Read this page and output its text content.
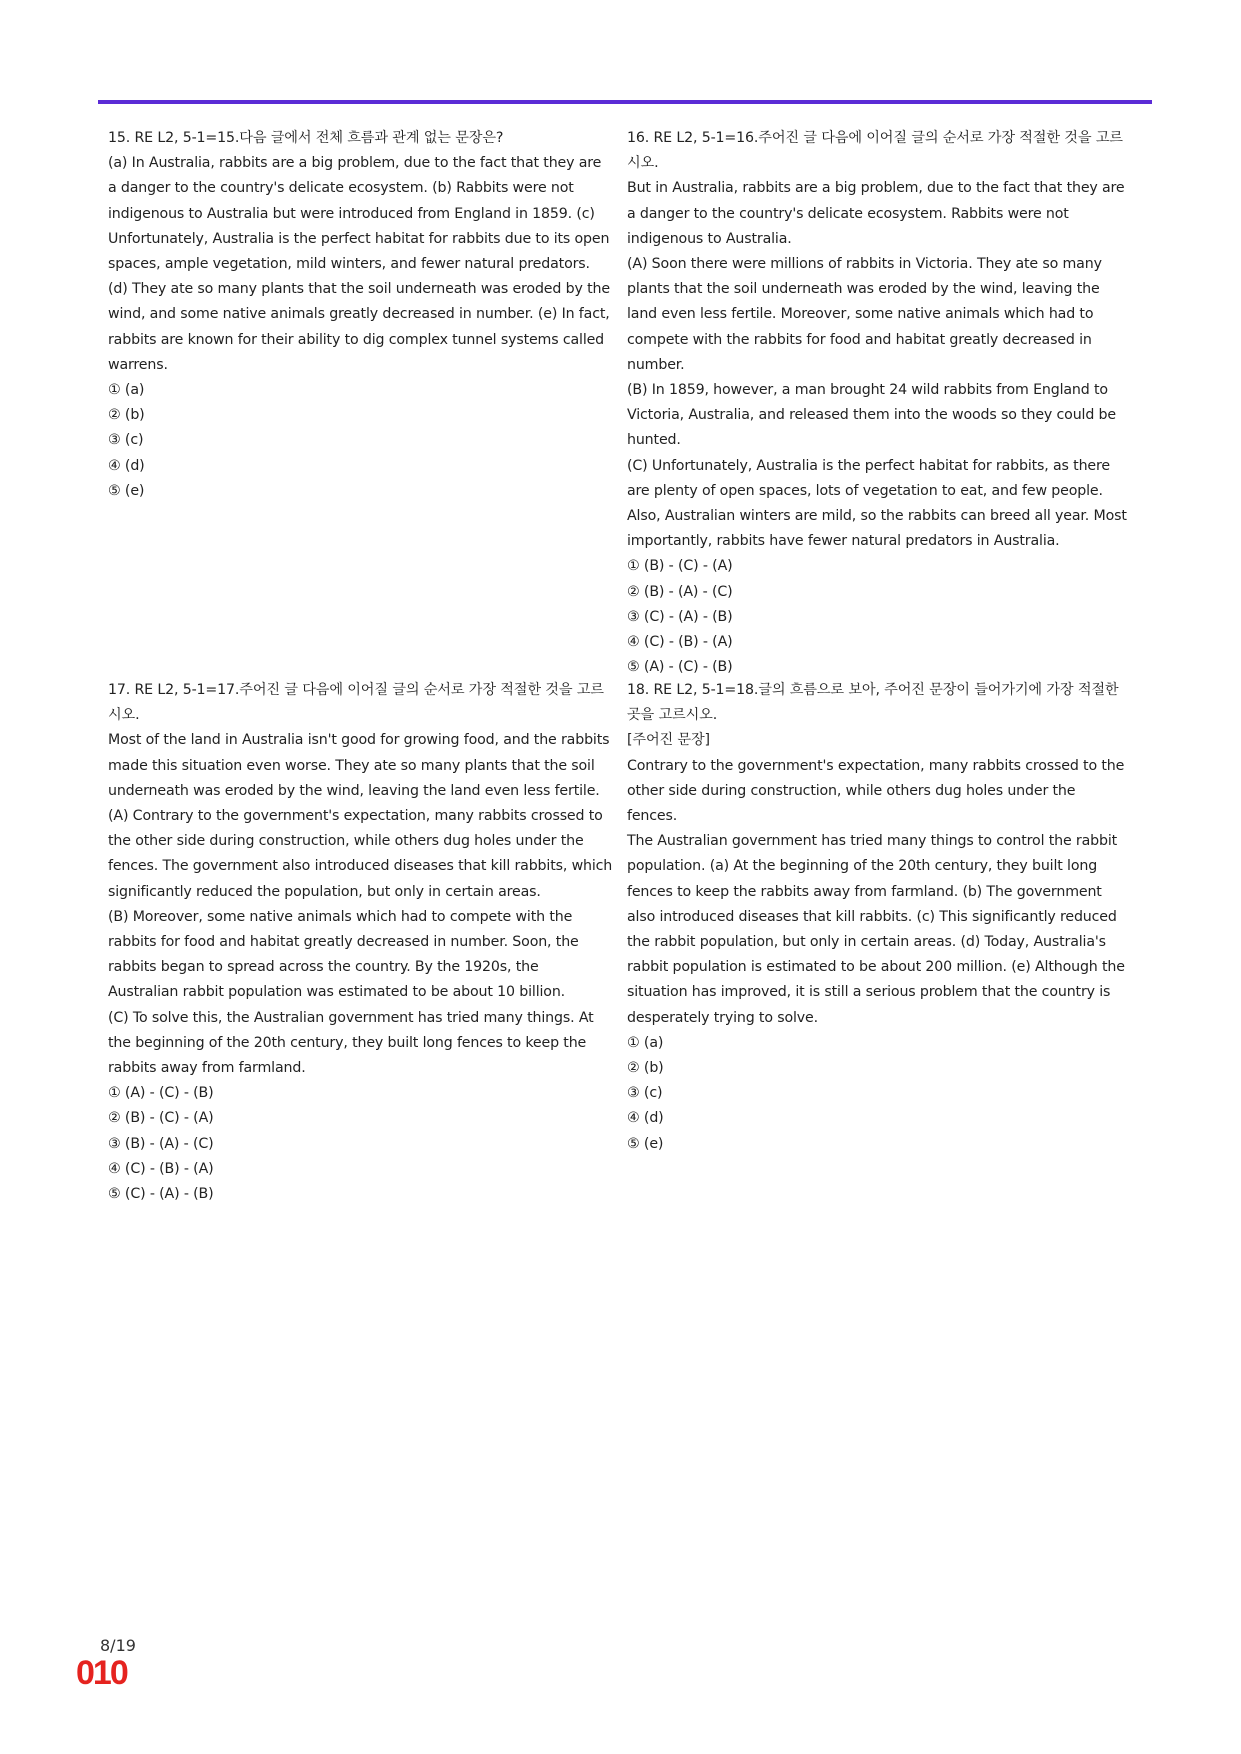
15. RE L2, 5-1=15.다음 글에서 전체 흐름과 관계 없는 문장은?

(a) In Australia, rabbits are a big problem, due to the fact that they are a danger to the country's delicate ecosystem. (b) Rabbits were not indigenous to Australia but were introduced from England in 1859. (c) Unfortunately, Australia is the perfect habitat for rabbits due to its open spaces, ample vegetation, mild winters, and fewer natural predators. (d) They ate so many plants that the soil underneath was eroded by the wind, and some native animals greatly decreased in number. (e) In fact, rabbits are known for their ability to dig complex tunnel systems called warrens.

① (a)
② (b)
③ (c)
④ (d)
⑤ (e)

16. RE L2, 5-1=16.주어진 글 다음에 이어질 글의 순서로 가장 적절한 것을 고르시오.

But in Australia, rabbits are a big problem, due to the fact that they are a danger to the country's delicate ecosystem. Rabbits were not indigenous to Australia.

(A) Soon there were millions of rabbits in Victoria. They ate so many plants that the soil underneath was eroded by the wind, leaving the land even less fertile. Moreover, some native animals which had to compete with the rabbits for food and habitat greatly decreased in number.

(B) In 1859, however, a man brought 24 wild rabbits from England to Victoria, Australia, and released them into the woods so they could be hunted.

(C) Unfortunately, Australia is the perfect habitat for rabbits, as there are plenty of open spaces, lots of vegetation to eat, and few people. Also, Australian winters are mild, so the rabbits can breed all year. Most importantly, rabbits have fewer natural predators in Australia.

① (B) - (C) - (A)
② (B) - (A) - (C)
③ (C) - (A) - (B)
④ (C) - (B) - (A)
⑤ (A) - (C) - (B)

17. RE L2, 5-1=17.주어진 글 다음에 이어질 글의 순서로 가장 적절한 것을 고르시오.

Most of the land in Australia isn't good for growing food, and the rabbits made this situation even worse. They ate so many plants that the soil underneath was eroded by the wind, leaving the land even less fertile.

(A) Contrary to the government's expectation, many rabbits crossed to the other side during construction, while others dug holes under the fences. The government also introduced diseases that kill rabbits, which significantly reduced the population, but only in certain areas.

(B) Moreover, some native animals which had to compete with the rabbits for food and habitat greatly decreased in number. Soon, the rabbits began to spread across the country. By the 1920s, the Australian rabbit population was estimated to be about 10 billion.

(C) To solve this, the Australian government has tried many things. At the beginning of the 20th century, they built long fences to keep the rabbits away from farmland.

① (A) - (C) - (B)
② (B) - (C) - (A)
③ (B) - (A) - (C)
④ (C) - (B) - (A)
⑤ (C) - (A) - (B)

18. RE L2, 5-1=18.글의 흐름으로 보아, 주어진 문장이 들어가기에 가장 적절한 곳을 고르시오.

[주어진 문장]

Contrary to the government's expectation, many rabbits crossed to the other side during construction, while others dug holes under the fences.

The Australian government has tried many things to control the rabbit population. (a) At the beginning of the 20th century, they built long fences to keep the rabbits away from farmland. (b) The government also introduced diseases that kill rabbits. (c) This significantly reduced the rabbit population, but only in certain areas. (d) Today, Australia's rabbit population is estimated to be about 200 million. (e) Although the situation has improved, it is still a serious problem that the country is desperately trying to solve.

① (a)
② (b)
③ (c)
④ (d)
⑤ (e)
8/19
010
